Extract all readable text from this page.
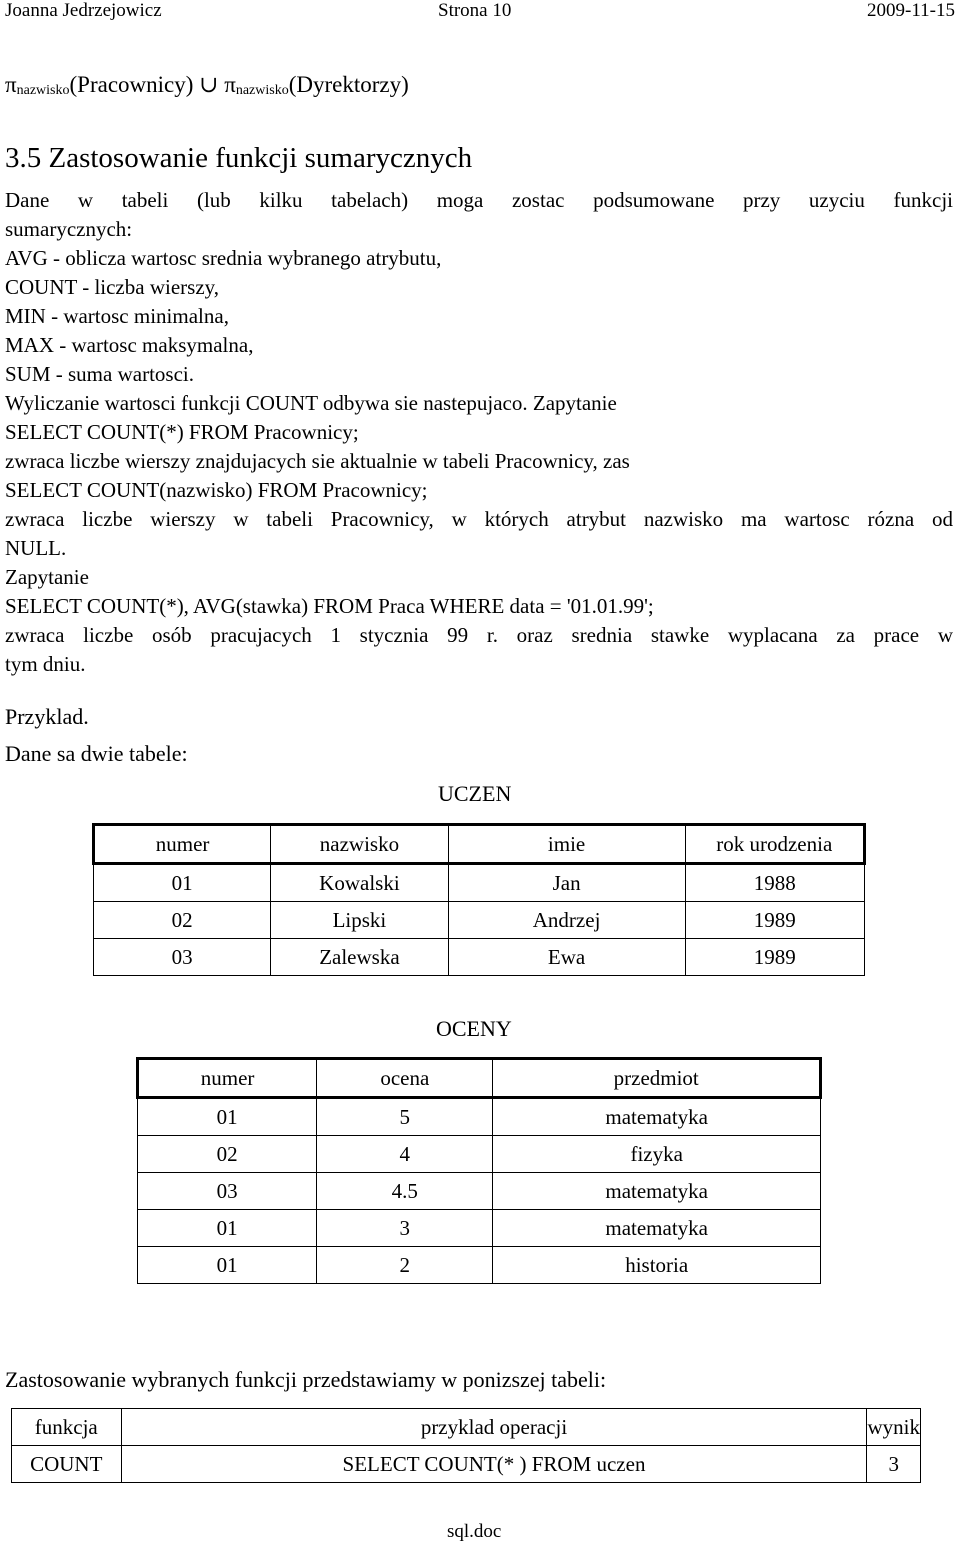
Joanna Jedrzejowicz	Strona 10	2009-11-15
$\pi_{nazwisko}(Pracownicy)$ ∪ $\pi_{nazwisko}(Dyrektorzy)$
3.5 Zastosowanie funkcji sumarycznych
Dane w tabeli (lub kilku tabelach) moga zostac podsumowane przy uzyciu funkcji
sumarycznych:
AVG - oblicza wartosc srednia wybranego atrybutu,
COUNT - liczba wierszy,
MIN - wartosc minimalna,
MAX - wartosc maksymalna,
SUM - suma wartosci.
Wyliczanie wartosci funkcji COUNT odbywa sie nastepujaco. Zapytanie
SELECT COUNT(*) FROM Pracownicy;
zwraca liczbe wierszy znajdujacych sie aktualnie w tabeli Pracownicy, zas
SELECT COUNT(nazwisko) FROM Pracownicy;
zwraca liczbe wierszy w tabeli Pracownicy, w których atrybut nazwisko ma wartosc rózna od
NULL.
Zapytanie
SELECT COUNT(*), AVG(stawka) FROM Praca WHERE data = '01.01.99';
zwraca liczbe osób pracujacych 1 stycznia 99 r. oraz srednia stawke wyplacana za prace w
tym dniu.
Przyklad.
Dane sa dwie tabele:
UCZEN
numer	nazwisko	imie	rok urodzenia
01	Kowalski	Jan	1988
02	Lipski	Andrzej	1989
03	Zalewska	Ewa	1989
OCENY
numer	ocena	przedmiot
01	5	matematyka
02	4	fizyka
03	4.5	matematyka
01	3	matematyka
01	2	historia
Zastosowanie wybranych funkcji przedstawiamy w ponizszej tabeli:
funkcja	przyklad operacji	wynik
COUNT	SELECT COUNT(* ) FROM uczen	3
sql.doc
